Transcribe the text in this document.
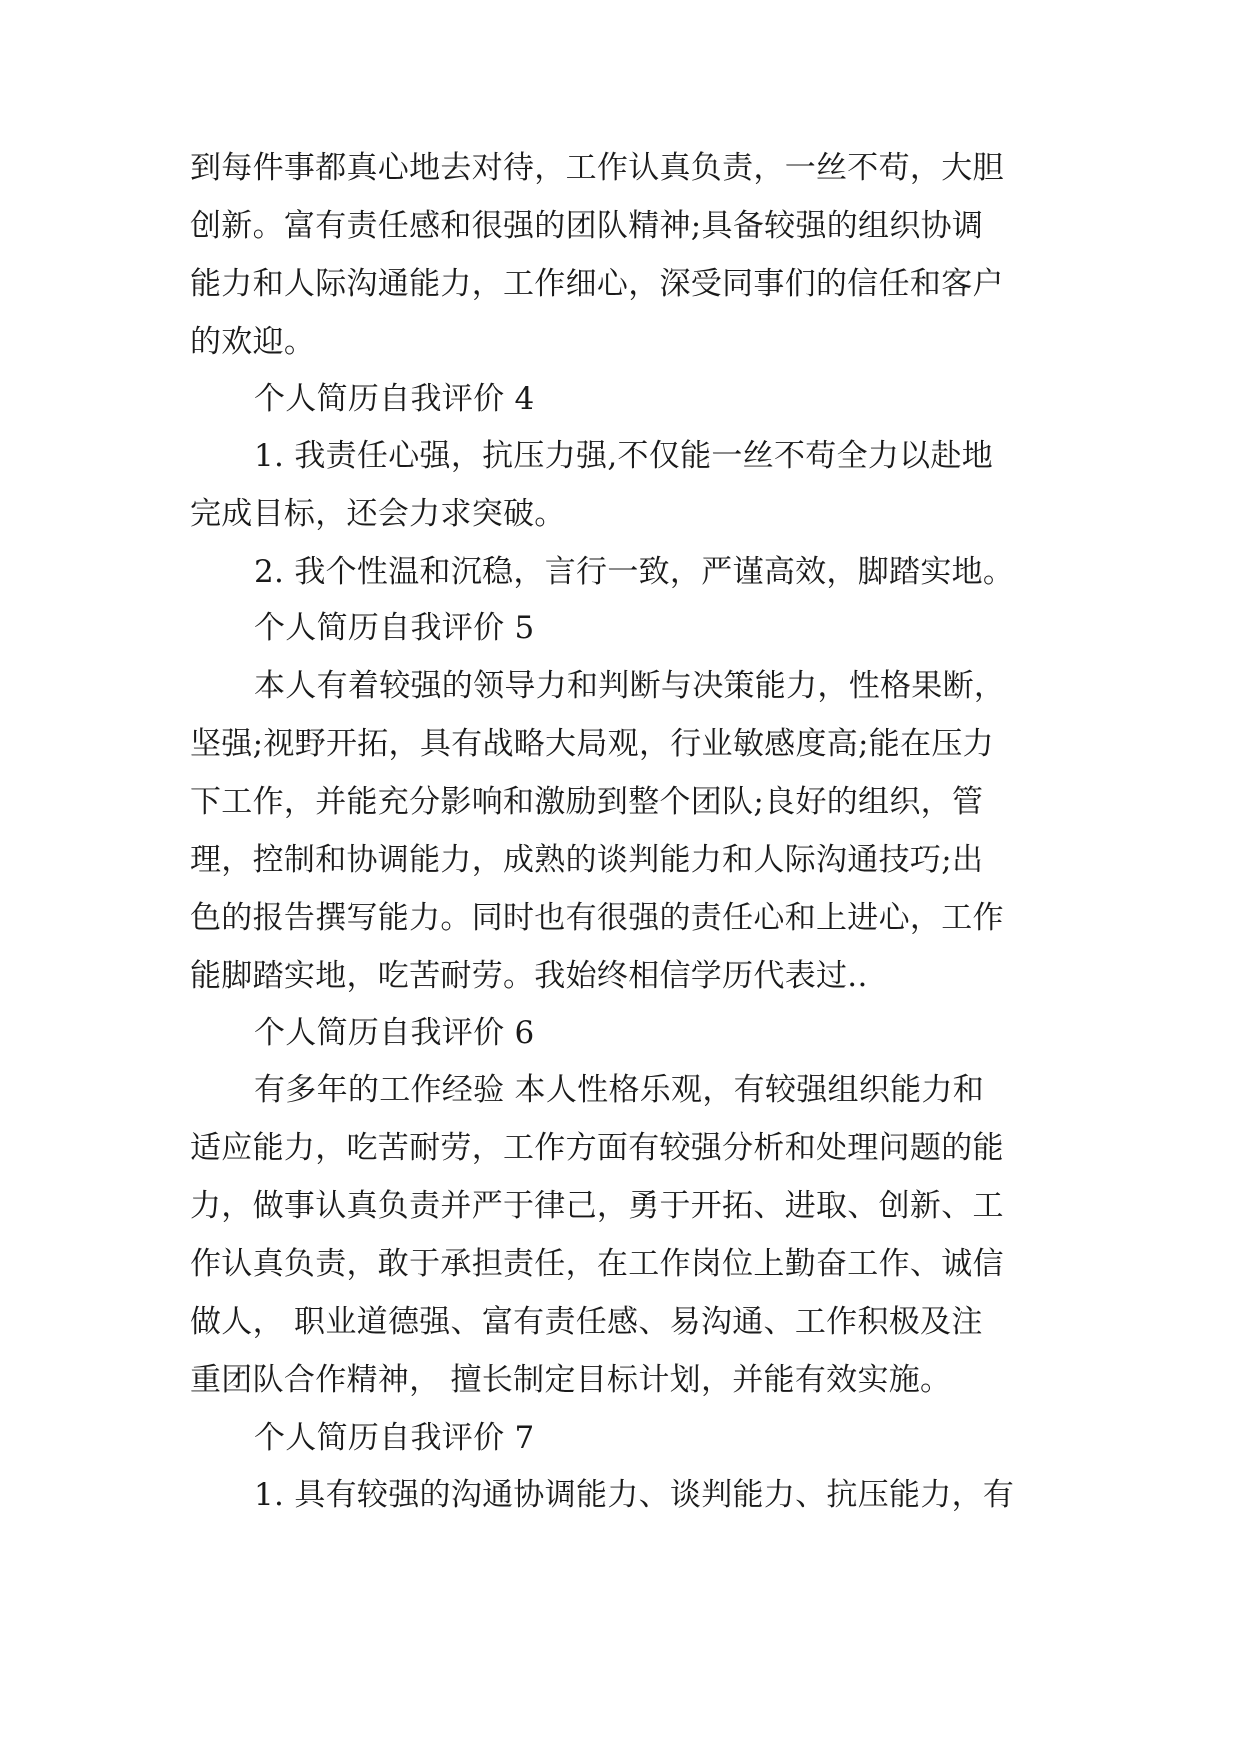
到每件事都真心地去对待，工作认真负责，一丝不苟，大胆
创新。富有责任感和很强的团队精神;具备较强的组织协调
能力和人际沟通能力，工作细心，深受同事们的信任和客户
的欢迎。
个人简历自我评价 4
1. 我责任心强，抗压力强,不仅能一丝不苟全力以赴地
完成目标，还会力求突破。
2. 我个性温和沉稳，言行一致，严谨高效，脚踏实地。
个人简历自我评价 5
本人有着较强的领导力和判断与决策能力，性格果断，
坚强;视野开拓，具有战略大局观，行业敏感度高;能在压力
下工作，并能充分影响和激励到整个团队;良好的组织，管
理，控制和协调能力，成熟的谈判能力和人际沟通技巧;出
色的报告撰写能力。同时也有很强的责任心和上进心，工作
能脚踏实地，吃苦耐劳。我始终相信学历代表过..
个人简历自我评价 6
有多年的工作经验 本人性格乐观，有较强组织能力和
适应能力，吃苦耐劳，工作方面有较强分析和处理问题的能
力，做事认真负责并严于律己，勇于开拓、进取、创新、工
作认真负责，敢于承担责任，在工作岗位上勤奋工作、诚信
做人， 职业道德强、富有责任感、易沟通、工作积极及注
重团队合作精神， 擅长制定目标计划，并能有效实施。
个人简历自我评价 7
1. 具有较强的沟通协调能力、谈判能力、抗压能力，有
